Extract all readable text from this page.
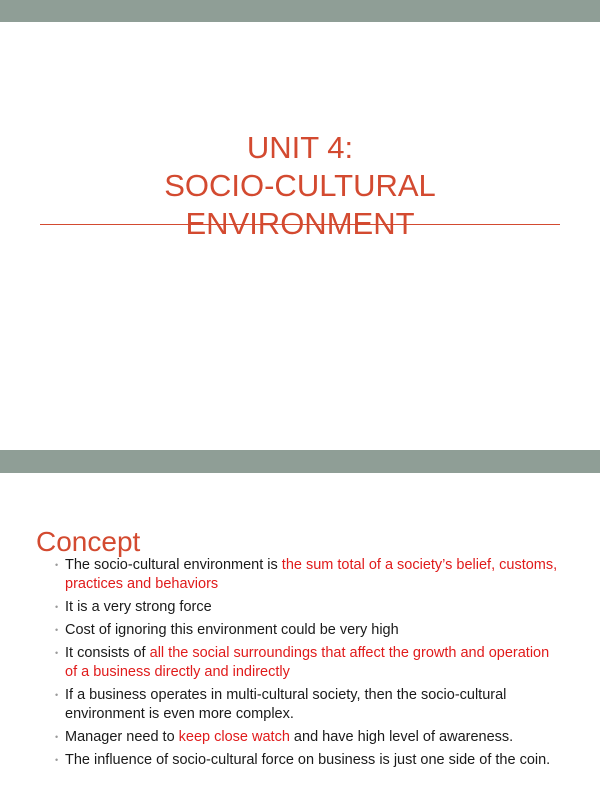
UNIT 4:
SOCIO-CULTURAL
ENVIRONMENT
Concept
• The socio-cultural environment is the sum total of a society’s belief, customs, practices and behaviors
• It is a very strong force
• Cost of ignoring this environment could be very high
• It consists of all the social surroundings that affect the growth and operation of a business directly and indirectly
• If a business operates in multi-cultural society, then the socio-cultural environment is even more complex.
• Manager need to keep close watch and have high level of awareness.
• The influence of socio-cultural force on business is just one side of the coin.
